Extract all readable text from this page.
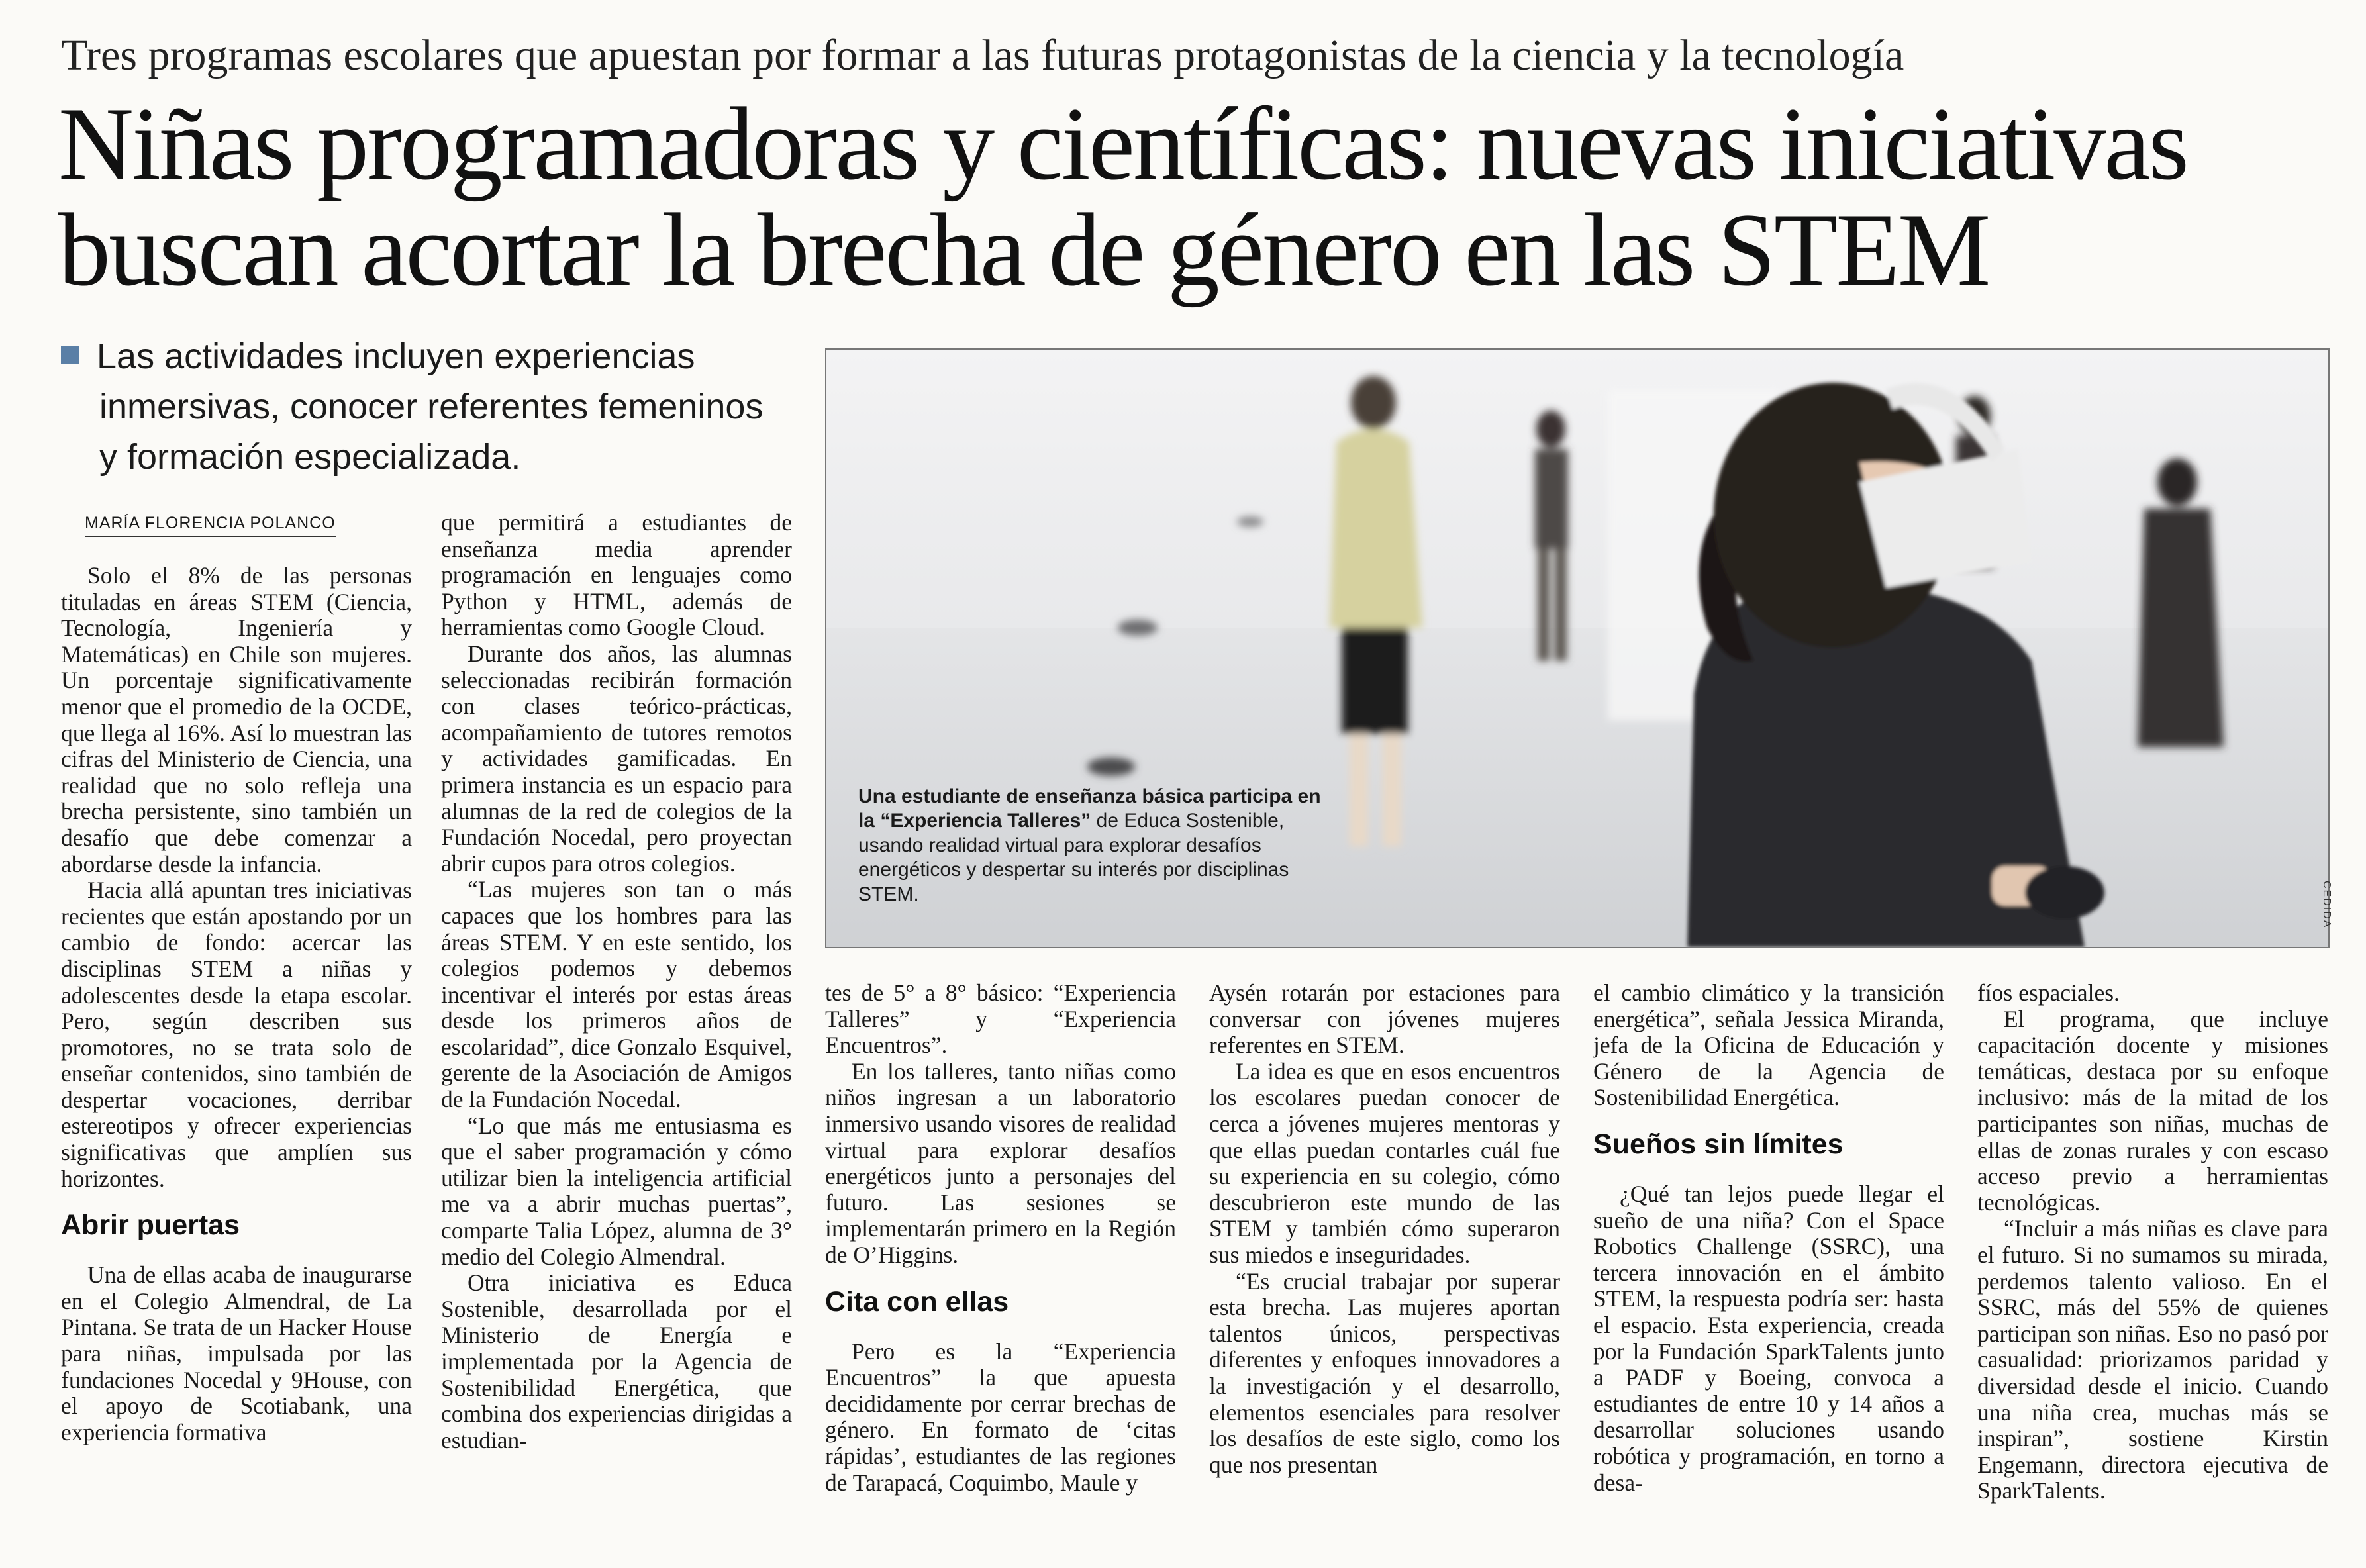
Tres programas escolares que apuestan por formar a las futuras protagonistas de la ciencia y la tecnología
Niñas programadoras y científicas: nuevas iniciativas
buscan acortar la brecha de género en las STEM
Las actividades incluyen experiencias
inmersivas, conocer referentes femeninos
y formación especializada.
MARÍA FLORENCIA POLANCO

Solo el 8% de las personas tituladas en áreas STEM (Ciencia, Tecnología, Ingeniería y Matemáticas) en Chile son mujeres. Un porcentaje significativamente menor que el promedio de la OCDE, que llega al 16%. Así lo muestran las cifras del Ministerio de Ciencia, una realidad que no solo refleja una brecha persistente, sino también un desafío que debe comenzar a abordarse desde la infancia.

Hacia allá apuntan tres iniciativas recientes que están apostando por un cambio de fondo: acercar las disciplinas STEM a niñas y adolescentes desde la etapa escolar. Pero, según describen sus promotores, no se trata solo de enseñar contenidos, sino también de despertar vocaciones, derribar estereotipos y ofrecer experiencias significativas que amplíen sus horizontes.

Abrir puertas

Una de ellas acaba de inaugurarse en el Colegio Almendral, de La Pintana. Se trata de un Hacker House para niñas, impulsada por las fundaciones Nocedal y 9House, con el apoyo de Scotiabank, una experiencia formativa

que permitirá a estudiantes de enseñanza media aprender programación en lenguajes como Python y HTML, además de herramientas como Google Cloud.

Durante dos años, las alumnas seleccionadas recibirán formación con clases teórico-prácticas, acompañamiento de tutores remotos y actividades gamificadas. En primera instancia es un espacio para alumnas de la red de colegios de la Fundación Nocedal, pero proyectan abrir cupos para otros colegios.

“Las mujeres son tan o más capaces que los hombres para las áreas STEM. Y en este sentido, los colegios podemos y debemos incentivar el interés por estas áreas desde los primeros años de escolaridad”, dice Gonzalo Esquivel, gerente de la Asociación de Amigos de la Fundación Nocedal.

“Lo que más me entusiasma es que el saber programación y cómo utilizar bien la inteligencia artificial me va a abrir muchas puertas”, comparte Talia López, alumna de 3° medio del Colegio Almendral.

Otra iniciativa es Educa Sostenible, desarrollada por el Ministerio de Energía e implementada por la Agencia de Sostenibilidad Energética, que combina dos experiencias dirigidas a estudian-

Una estudiante de enseñanza básica participa en la “Experiencia Talleres” de Educa Sostenible, usando realidad virtual para explorar desafíos energéticos y despertar su interés por disciplinas STEM.	CEDIDA

tes de 5° a 8° básico: “Experiencia Talleres” y “Experiencia Encuentros”.

En los talleres, tanto niñas como niños ingresan a un laboratorio inmersivo usando visores de realidad virtual para explorar desafíos energéticos junto a personajes del futuro. Las sesiones se implementarán primero en la Región de O’Higgins.

Cita con ellas

Pero es la “Experiencia Encuentros” la que apuesta decididamente por cerrar brechas de género. En formato de ‘citas rápidas’, estudiantes de las regiones de Tarapacá, Coquimbo, Maule y

Aysén rotarán por estaciones para conversar con jóvenes mujeres referentes en STEM.

La idea es que en esos encuentros los escolares puedan conocer de cerca a jóvenes mujeres mentoras y que ellas puedan contarles cuál fue su experiencia en su colegio, cómo descubrieron este mundo de las STEM y también cómo superaron sus miedos e inseguridades.

“Es crucial trabajar por superar esta brecha. Las mujeres aportan talentos únicos, perspectivas diferentes y enfoques innovadores a la investigación y el desarrollo, elementos esenciales para resolver los desafíos de este siglo, como los que nos presentan

el cambio climático y la transición energética”, señala Jessica Miranda, jefa de la Oficina de Educación y Género de la Agencia de Sostenibilidad Energética.

Sueños sin límites

¿Qué tan lejos puede llegar el sueño de una niña? Con el Space Robotics Challenge (SSRC), una tercera innovación en el ámbito STEM, la respuesta podría ser: hasta el espacio. Esta experiencia, creada por la Fundación SparkTalents junto a PADF y Boeing, convoca a estudiantes de entre 10 y 14 años a desarrollar soluciones usando robótica y programación, en torno a desa-

fíos espaciales.

El programa, que incluye capacitación docente y misiones temáticas, destaca por su enfoque inclusivo: más de la mitad de los participantes son niñas, muchas de ellas de zonas rurales y con escaso acceso previo a herramientas tecnológicas.

“Incluir a más niñas es clave para el futuro. Si no sumamos su mirada, perdemos talento valioso. En el SSRC, más del 55% de quienes participan son niñas. Eso no pasó por casualidad: priorizamos paridad y diversidad desde el inicio. Cuando una niña crea, muchas más se inspiran”, sostiene Kirstin Engemann, directora ejecutiva de SparkTalents.
